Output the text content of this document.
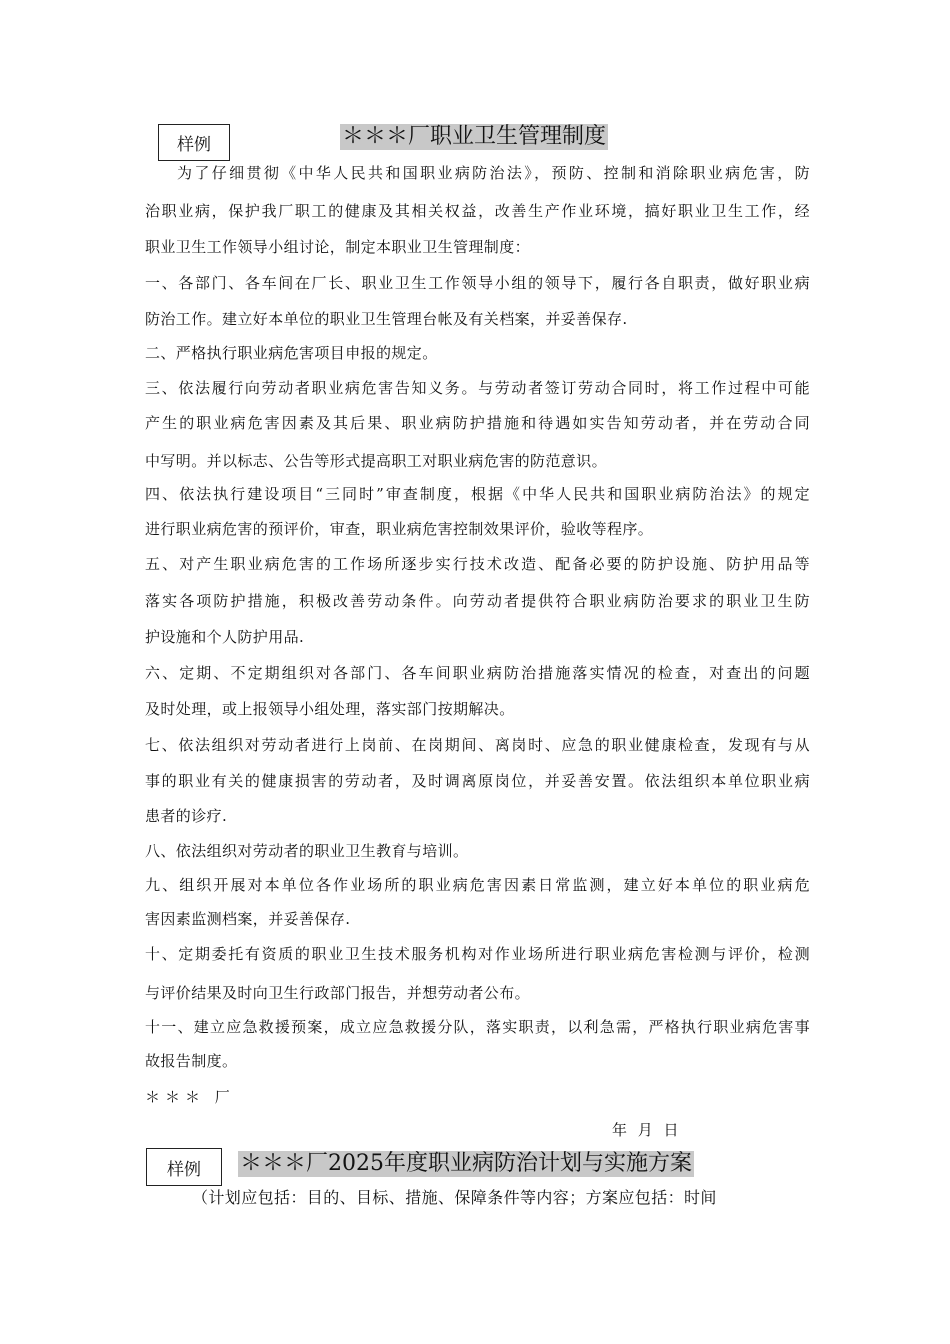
样例	＊＊＊厂职业卫生管理制度
为了仔细贯彻《中华人民共和国职业病防治法》，预防、控制和消除职业病危害，防
治职业病，保护我厂职工的健康及其相关权益，改善生产作业环境，搞好职业卫生工作，经
职业卫生工作领导小组讨论，制定本职业卫生管理制度：
一、各部门、各车间在厂长、职业卫生工作领导小组的领导下，履行各自职责，做好职业病
防治工作。建立好本单位的职业卫生管理台帐及有关档案，并妥善保存.
二、严格执行职业病危害项目申报的规定。
三、依法履行向劳动者职业病危害告知义务。与劳动者签订劳动合同时，将工作过程中可能
产生的职业病危害因素及其后果、职业病防护措施和待遇如实告知劳动者，并在劳动合同
中写明。并以标志、公告等形式提高职工对职业病危害的防范意识。
四、依法执行建设项目“三同时”审查制度，根据《中华人民共和国职业病防治法》的规定
进行职业病危害的预评价，审查，职业病危害控制效果评价，验收等程序。
五、对产生职业病危害的工作场所逐步实行技术改造、配备必要的防护设施、防护用品等
落实各项防护措施，积极改善劳动条件。向劳动者提供符合职业病防治要求的职业卫生防
护设施和个人防护用品.
六、定期、不定期组织对各部门、各车间职业病防治措施落实情况的检查，对查出的问题
及时处理，或上报领导小组处理，落实部门按期解决。
七、依法组织对劳动者进行上岗前、在岗期间、离岗时、应急的职业健康检查，发现有与从
事的职业有关的健康损害的劳动者，及时调离原岗位，并妥善安置。依法组织本单位职业病
患者的诊疗.
八、依法组织对劳动者的职业卫生教育与培训。
九、组织开展对本单位各作业场所的职业病危害因素日常监测，建立好本单位的职业病危
害因素监测档案，并妥善保存.
十、定期委托有资质的职业卫生技术服务机构对作业场所进行职业病危害检测与评价，检测
与评价结果及时向卫生行政部门报告，并想劳动者公布。
十一、建立应急救援预案，成立应急救援分队，落实职责，以利急需，严格执行职业病危害事
故报告制度。
＊＊＊ 厂
年 月 日
样例	＊＊＊厂2025年度职业病防治计划与实施方案
（计划应包括：目的、目标、措施、保障条件等内容；方案应包括：时间
